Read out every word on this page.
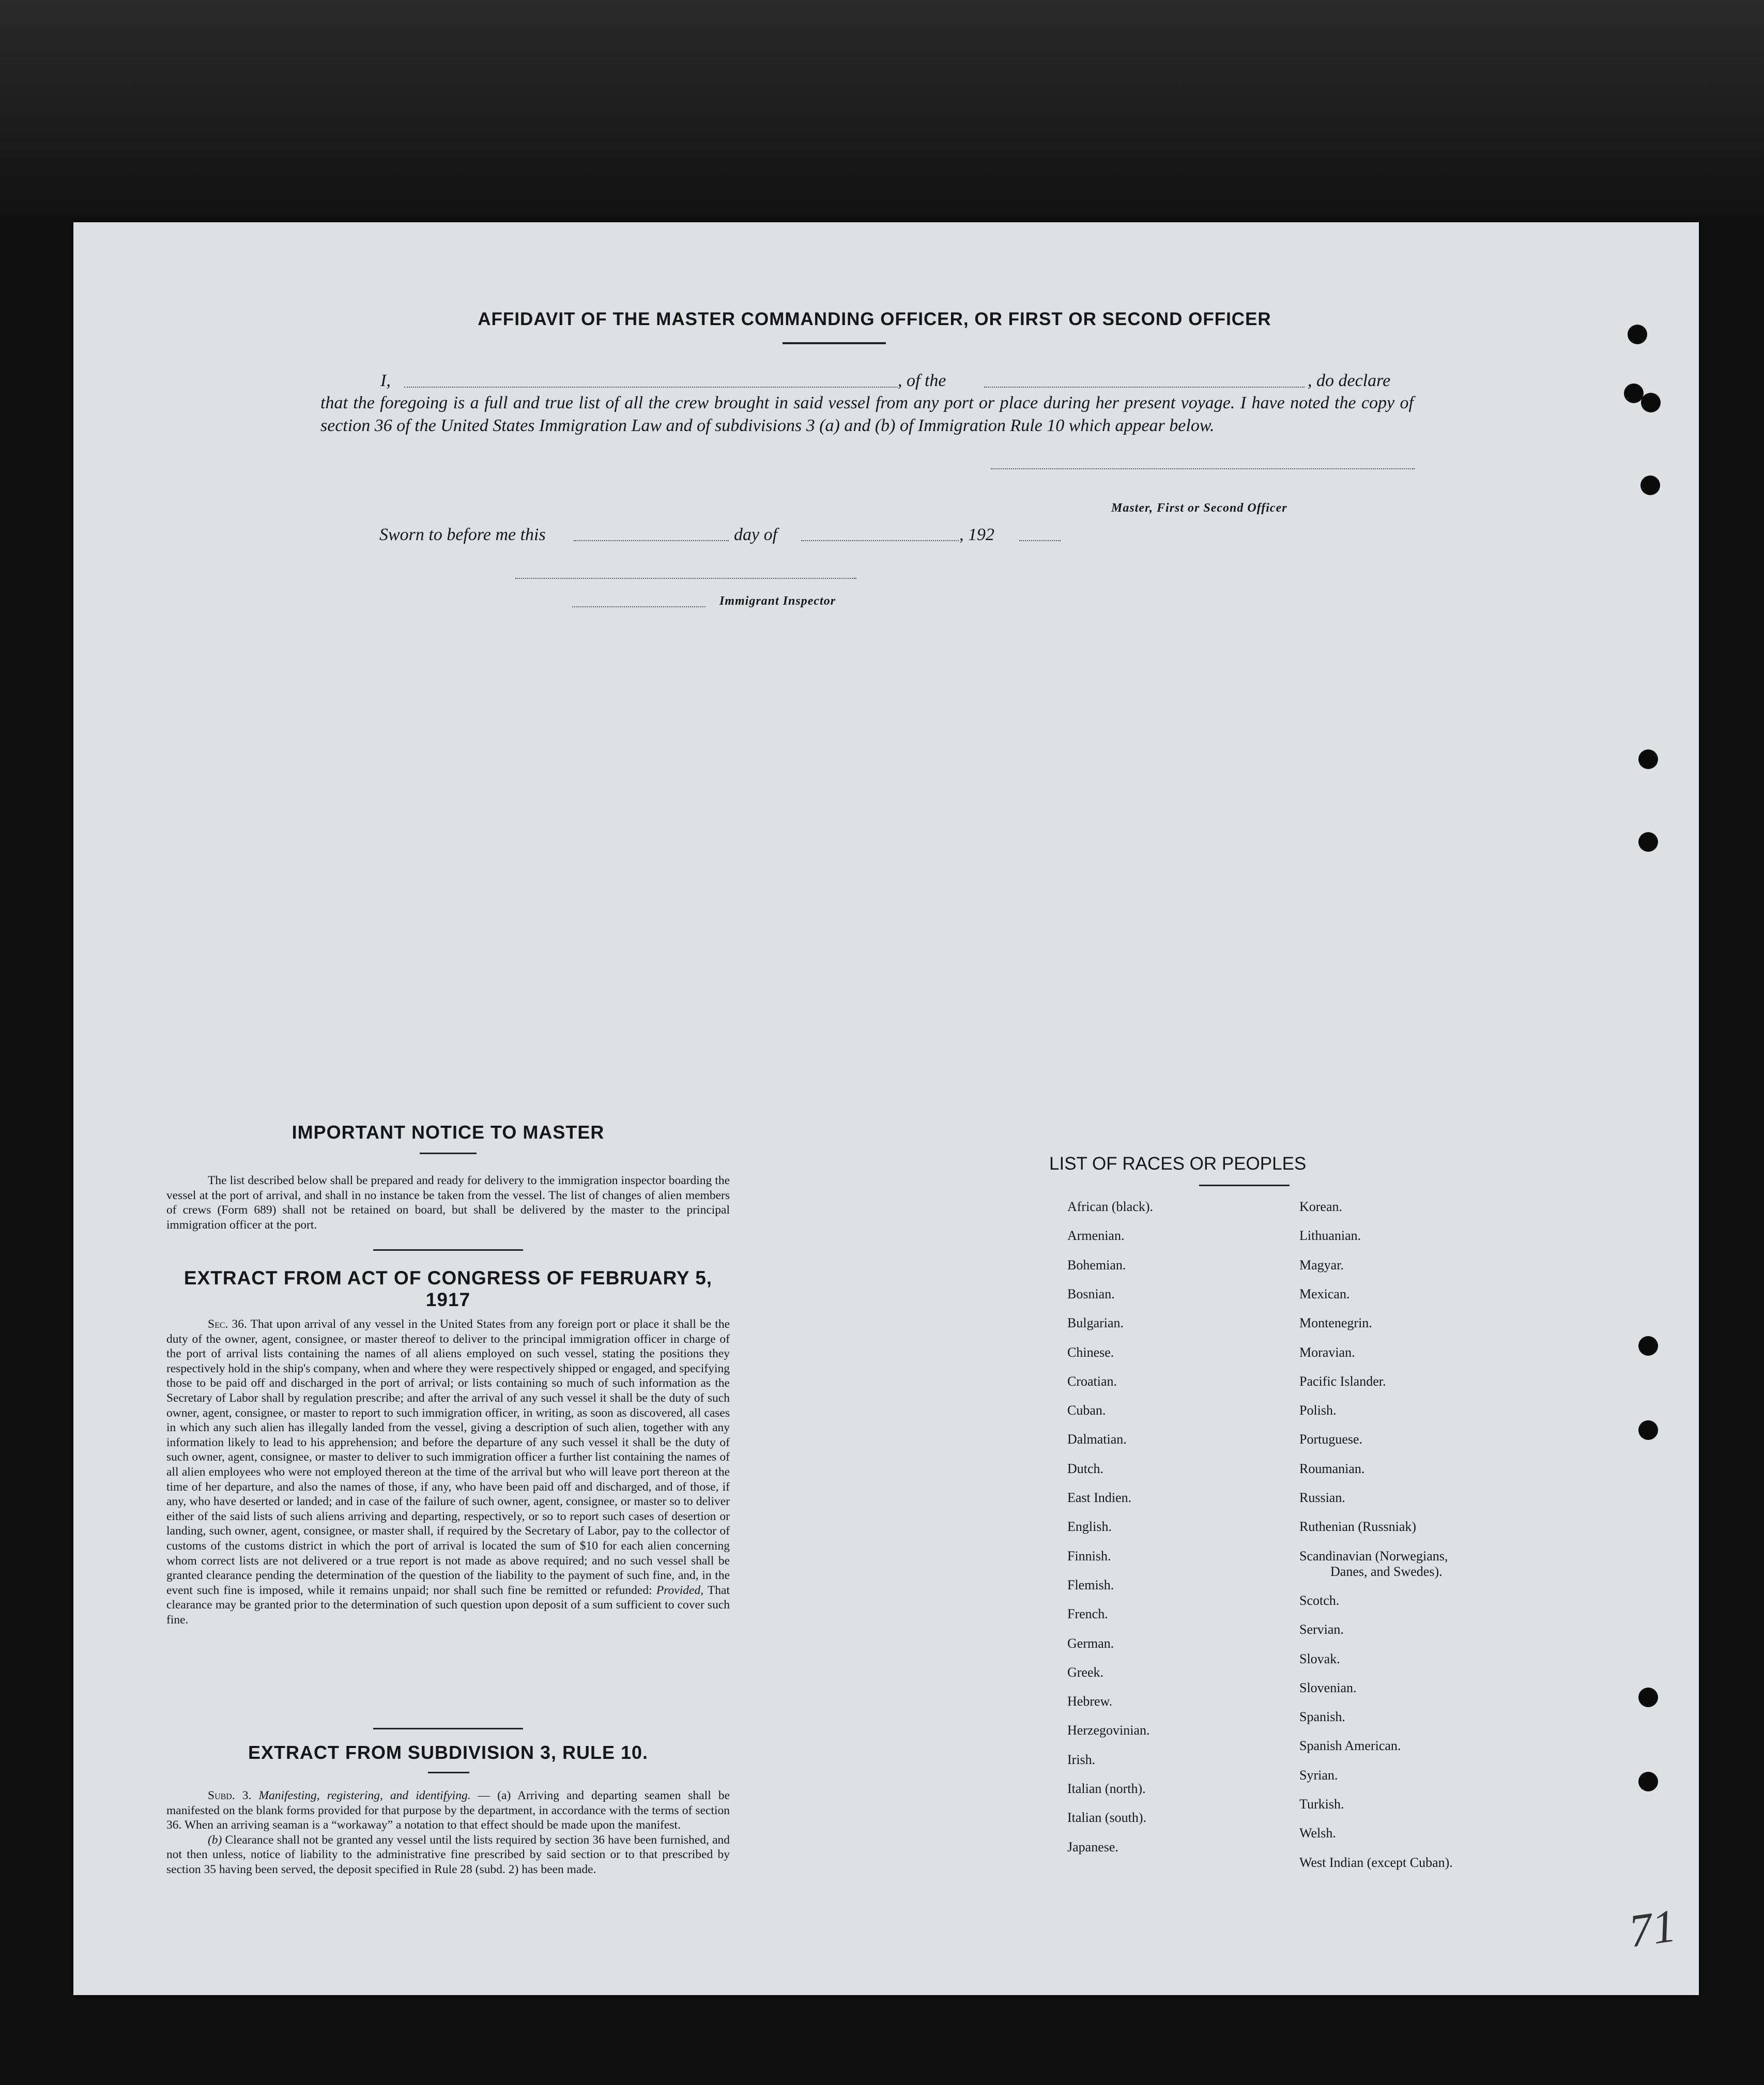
AFFIDAVIT OF THE MASTER COMMANDING OFFICER, OR FIRST OR SECOND OFFICER
I,	, of the	, do declare
that the foregoing is a full and true list of all the crew brought in said vessel from any port or place during her present voyage. I have noted the copy of section 36 of the United States Immigration Law and of subdivisions 3 (a) and (b) of Immigration Rule 10 which appear below.
Master, First or Second Officer
Sworn to before me this	day of	, 192
Immigrant Inspector
IMPORTANT NOTICE TO MASTER

The list described below shall be prepared and ready for delivery to the immigration inspector boarding the vessel at the port of arrival, and shall in no instance be taken from the vessel. The list of changes of alien members of crews (Form 689) shall not be retained on board, but shall be delivered by the master to the principal immigration officer at the port.

EXTRACT FROM ACT OF CONGRESS OF FEBRUARY 5, 1917

Sec. 36. That upon arrival of any vessel in the United States from any foreign port or place it shall be the duty of the owner, agent, consignee, or master thereof to deliver to the principal immigration officer in charge of the port of arrival lists containing the names of all aliens employed on such vessel, stating the positions they respectively hold in the ship's company, when and where they were respectively shipped or engaged, and specifying those to be paid off and discharged in the port of arrival; or lists containing so much of such information as the Secretary of Labor shall by regulation prescribe; and after the arrival of any such vessel it shall be the duty of such owner, agent, consignee, or master to report to such immigration officer, in writing, as soon as discovered, all cases in which any such alien has illegally landed from the vessel, giving a description of such alien, together with any information likely to lead to his apprehension; and before the departure of any such vessel it shall be the duty of such owner, agent, consignee, or master to deliver to such immigration officer a further list containing the names of all alien employees who were not employed thereon at the time of the arrival but who will leave port thereon at the time of her departure, and also the names of those, if any, who have been paid off and discharged, and of those, if any, who have deserted or landed; and in case of the failure of such owner, agent, consignee, or master so to deliver either of the said lists of such aliens arriving and departing, respectively, or so to report such cases of desertion or landing, such owner, agent, consignee, or master shall, if required by the Secretary of Labor, pay to the collector of customs of the customs district in which the port of arrival is located the sum of $10 for each alien concerning whom correct lists are not delivered or a true report is not made as above required; and no such vessel shall be granted clearance pending the determination of the question of the liability to the payment of such fine, and, in the event such fine is imposed, while it remains unpaid; nor shall such fine be remitted or refunded: Provided, That clearance may be granted prior to the determination of such question upon deposit of a sum sufficient to cover such fine.

EXTRACT FROM SUBDIVISION 3, RULE 10.

Subd. 3. Manifesting, registering, and identifying. — (a) Arriving and departing seamen shall be manifested on the blank forms provided for that purpose by the department, in accordance with the terms of section 36. When an arriving seaman is a “workaway” a notation to that effect should be made upon the manifest.

(b) Clearance shall not be granted any vessel until the lists required by section 36 have been furnished, and not then unless, notice of liability to the administrative fine prescribed by said section or to that prescribed by section 35 having been served, the deposit specified in Rule 28 (subd. 2) has been made.

LIST OF RACES OR PEOPLES
71
African (black).
Armenian.
Bohemian.
Bosnian.
Bulgarian.
Chinese.
Croatian.
Cuban.
Dalmatian.
Dutch.
East Indien.
English.
Finnish.
Flemish.
French.
German.
Greek.
Hebrew.
Herzegovinian.
Irish.
Italian (north).
Italian (south).
Japanese.
Korean.
Lithuanian.
Magyar.
Mexican.
Montenegrin.
Moravian.
Pacific Islander.
Polish.
Portuguese.
Roumanian.
Russian.
Ruthenian (Russniak)
Scandinavian (Norwegians,
Danes, and Swedes).
Scotch.
Servian.
Slovak.
Slovenian.
Spanish.
Spanish American.
Syrian.
Turkish.
Welsh.
West Indian (except Cuban).
